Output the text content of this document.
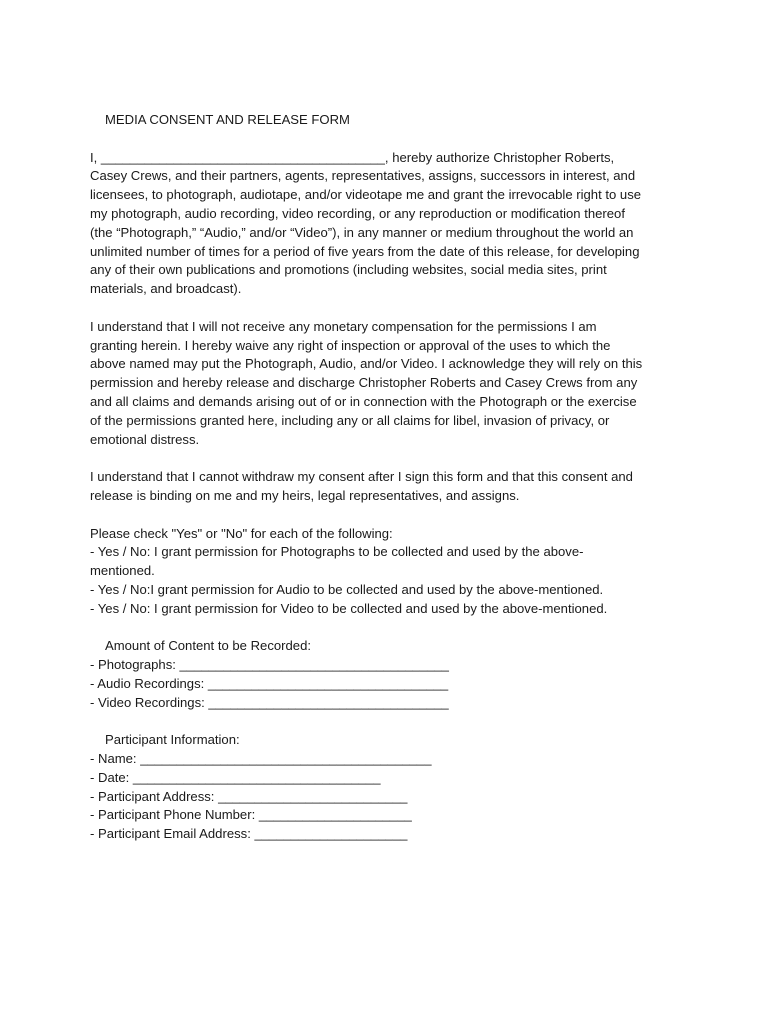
MEDIA CONSENT AND RELEASE FORM
I, _______________________________________, hereby authorize Christopher Roberts,
Casey Crews, and their partners, agents, representatives, assigns, successors in interest, and
licensees, to photograph, audiotape, and/or videotape me and grant the irrevocable right to use
my photograph, audio recording, video recording, or any reproduction or modification thereof
(the “Photograph,” “Audio,” and/or “Video”), in any manner or medium throughout the world an
unlimited number of times for a period of five years from the date of this release, for developing
any of their own publications and promotions (including websites, social media sites, print
materials, and broadcast).
I understand that I will not receive any monetary compensation for the permissions I am
granting herein. I hereby waive any right of inspection or approval of the uses to which the
above named may put the Photograph, Audio, and/or Video. I acknowledge they will rely on this
permission and hereby release and discharge Christopher Roberts and Casey Crews from any
and all claims and demands arising out of or in connection with the Photograph or the exercise
of the permissions granted here, including any or all claims for libel, invasion of privacy, or
emotional distress.
I understand that I cannot withdraw my consent after I sign this form and that this consent and
release is binding on me and my heirs, legal representatives, and assigns.
Please check "Yes" or "No" for each of the following:
- Yes / No: I grant permission for Photographs to be collected and used by the above-
mentioned.
- Yes / No:I grant permission for Audio to be collected and used by the above-mentioned.
- Yes / No: I grant permission for Video to be collected and used by the above-mentioned.
Amount of Content to be Recorded:
- Photographs: _____________________________________
- Audio Recordings: _________________________________
- Video Recordings: _________________________________
Participant Information:
- Name: ________________________________________
- Date: __________________________________
- Participant Address: __________________________
- Participant Phone Number: _____________________
- Participant Email Address: _____________________
